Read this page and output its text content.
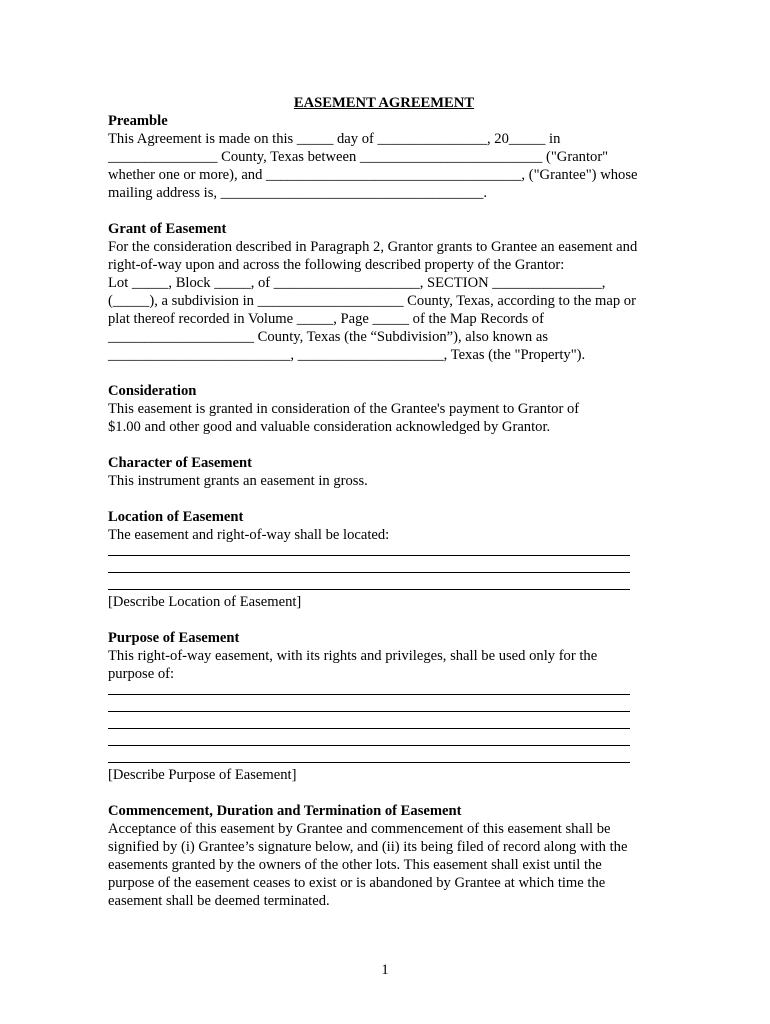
EASEMENT AGREEMENT
Preamble
This Agreement is made on this _____ day of _______________, 20_____ in
_______________ County, Texas between _________________________ ("Grantor"
whether one or more), and ___________________________________, ("Grantee") whose
mailing address is, ____________________________________.
Grant of Easement
For the consideration described in Paragraph 2, Grantor grants to Grantee an easement and
right-of-way upon and across the following described property of the Grantor:
Lot _____, Block _____, of ____________________, SECTION _______________,
(_____), a subdivision in ____________________ County, Texas, according to the map or
plat thereof recorded in Volume _____, Page _____ of the Map Records of
____________________ County, Texas (the “Subdivision”), also known as
_________________________, ____________________, Texas (the "Property").
Consideration
This easement is granted in consideration of the Grantee's payment to Grantor of
$1.00 and other good and valuable consideration acknowledged by Grantor.
Character of Easement
This instrument grants an easement in gross.
Location of Easement
The easement and right-of-way shall be located:
[Describe Location of Easement]
Purpose of Easement
This right-of-way easement, with its rights and privileges, shall be used only for the
purpose of:
[Describe Purpose of Easement]
Commencement, Duration and Termination of Easement
Acceptance of this easement by Grantee and commencement of this easement shall be
signified by (i) Grantee’s signature below, and (ii) its being filed of record along with the
easements granted by the owners of the other lots. This easement shall exist until the
purpose of the easement ceases to exist or is abandoned by Grantee at which time the
easement shall be deemed terminated.
1
